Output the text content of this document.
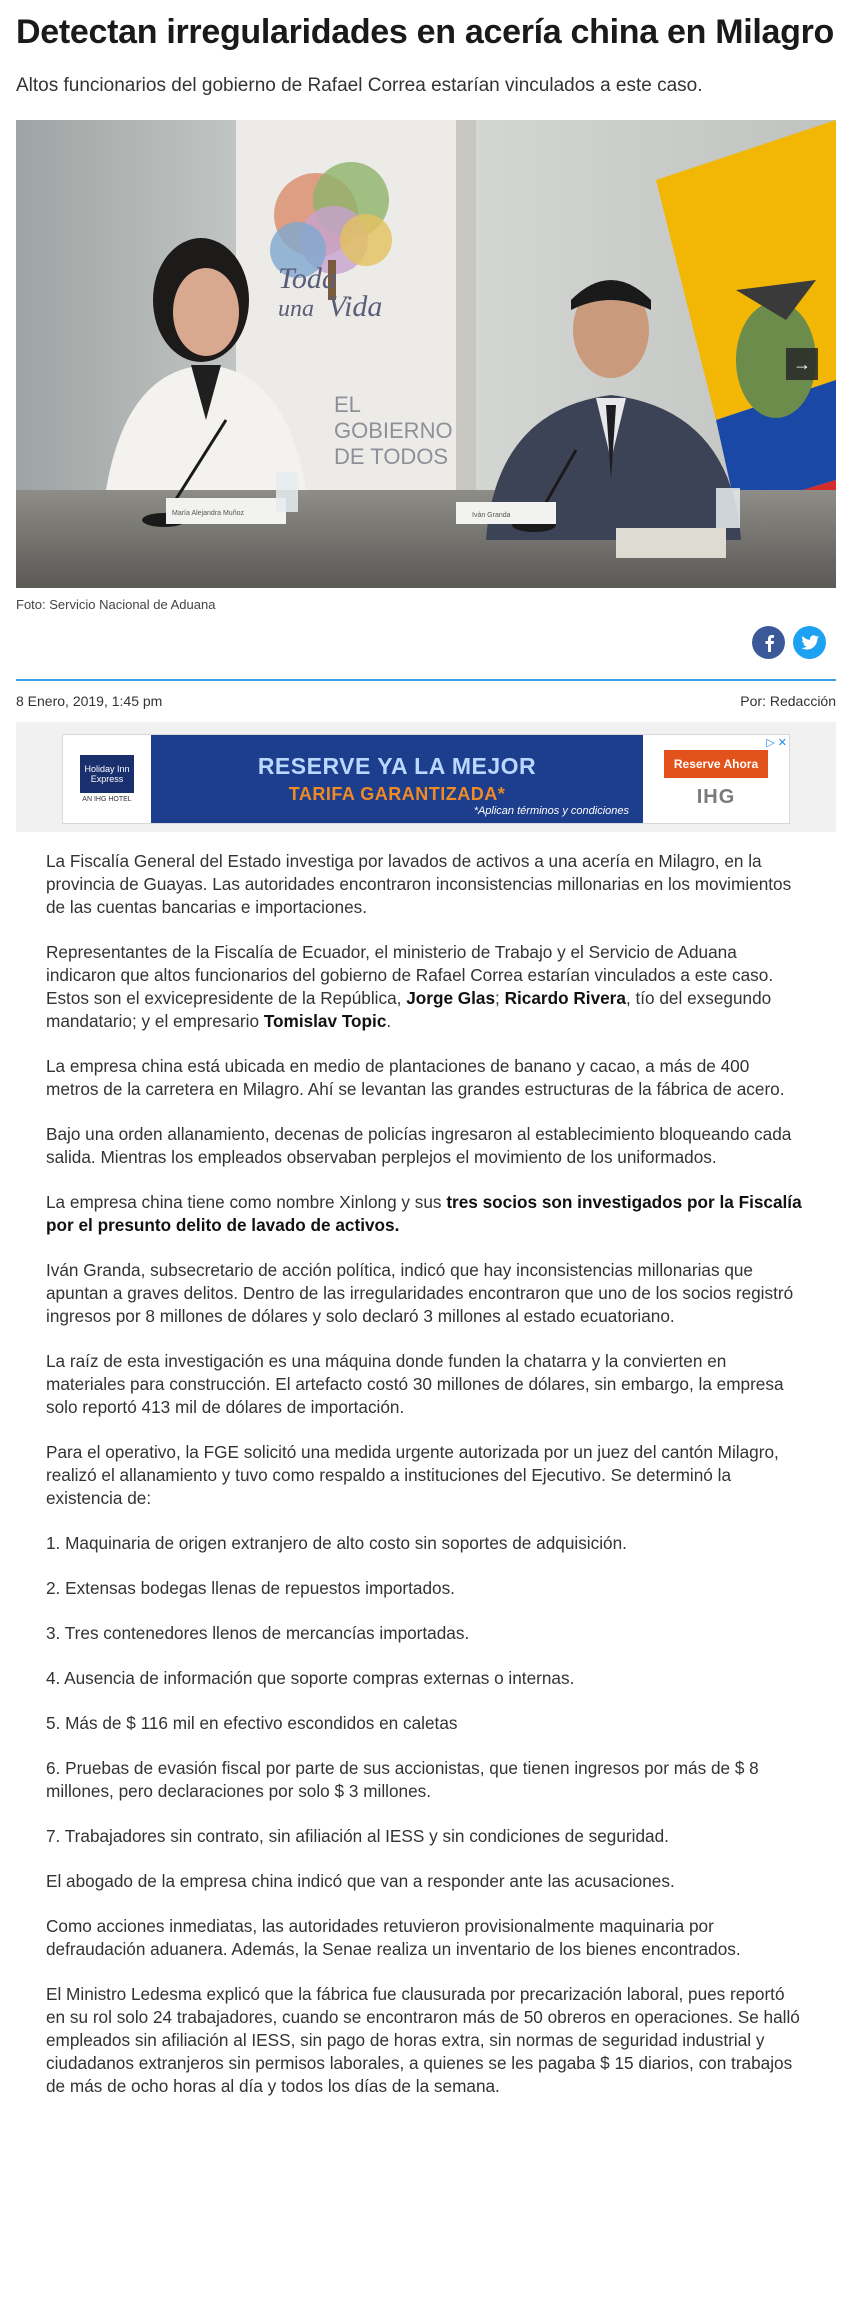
Detectan irregularidades en acería china en Milagro

Altos funcionarios del gobierno de Rafael Correa estarían vinculados a este caso.

Toda
una Vida
EL
GOBIERNO
DE TODOS
María Alejandra Muñoz	Iván Granda
→
Foto: Servicio Nacional de Aduana
8 Enero, 2019, 1:45 pm	Por: Redacción
Holiday Inn
Express
AN IHG HOTEL
RESERVE YA LA MEJOR
TARIFA GARANTIZADA*
*Aplican términos y condiciones
Reserve Ahora
IHG
▷ ✕

La Fiscalía General del Estado investiga por lavados de activos a una acería en Milagro, en la provincia de Guayas. Las autoridades encontraron inconsistencias millonarias en los movimientos de las cuentas bancarias e importaciones.

Representantes de la Fiscalía de Ecuador, el ministerio de Trabajo y el Servicio de Aduana indicaron que altos funcionarios del gobierno de Rafael Correa estarían vinculados a este caso. Estos son el exvicepresidente de la República, Jorge Glas; Ricardo Rivera, tío del exsegundo mandatario; y el empresario Tomislav Topic.

La empresa china está ubicada en medio de plantaciones de banano y cacao, a más de 400 metros de la carretera en Milagro. Ahí se levantan las grandes estructuras de la fábrica de acero.

Bajo una orden allanamiento, decenas de policías ingresaron al establecimiento bloqueando cada salida. Mientras los empleados observaban perplejos el movimiento de los uniformados.

La empresa china tiene como nombre Xinlong y sus tres socios son investigados por la Fiscalía por el presunto delito de lavado de activos.

Iván Granda, subsecretario de acción política, indicó que hay inconsistencias millonarias que apuntan a graves delitos. Dentro de las irregularidades encontraron que uno de los socios registró ingresos por 8 millones de dólares y solo declaró 3 millones al estado ecuatoriano.

La raíz de esta investigación es una máquina donde funden la chatarra y la convierten en materiales para construcción. El artefacto costó 30 millones de dólares, sin embargo, la empresa solo reportó 413 mil de dólares de importación.

Para el operativo, la FGE solicitó una medida urgente autorizada por un juez del cantón Milagro, realizó el allanamiento y tuvo como respaldo a instituciones del Ejecutivo. Se determinó la existencia de:

1. Maquinaria de origen extranjero de alto costo sin soportes de adquisición.

2. Extensas bodegas llenas de repuestos importados.

3. Tres contenedores llenos de mercancías importadas.

4. Ausencia de información que soporte compras externas o internas.

5. Más de $ 116 mil en efectivo escondidos en caletas

6. Pruebas de evasión fiscal por parte de sus accionistas, que tienen ingresos por más de $ 8 millones, pero declaraciones por solo $ 3 millones.

7. Trabajadores sin contrato, sin afiliación al IESS y sin condiciones de seguridad.

El abogado de la empresa china indicó que van a responder ante las acusaciones.

Como acciones inmediatas, las autoridades retuvieron provisionalmente maquinaria por defraudación aduanera. Además, la Senae realiza un inventario de los bienes encontrados.

El Ministro Ledesma explicó que la fábrica fue clausurada por precarización laboral, pues reportó en su rol solo 24 trabajadores, cuando se encontraron más de 50 obreros en operaciones. Se halló empleados sin afiliación al IESS, sin pago de horas extra, sin normas de seguridad industrial y ciudadanos extranjeros sin permisos laborales, a quienes se les pagaba $ 15 diarios, con trabajos de más de ocho horas al día y todos los días de la semana.
